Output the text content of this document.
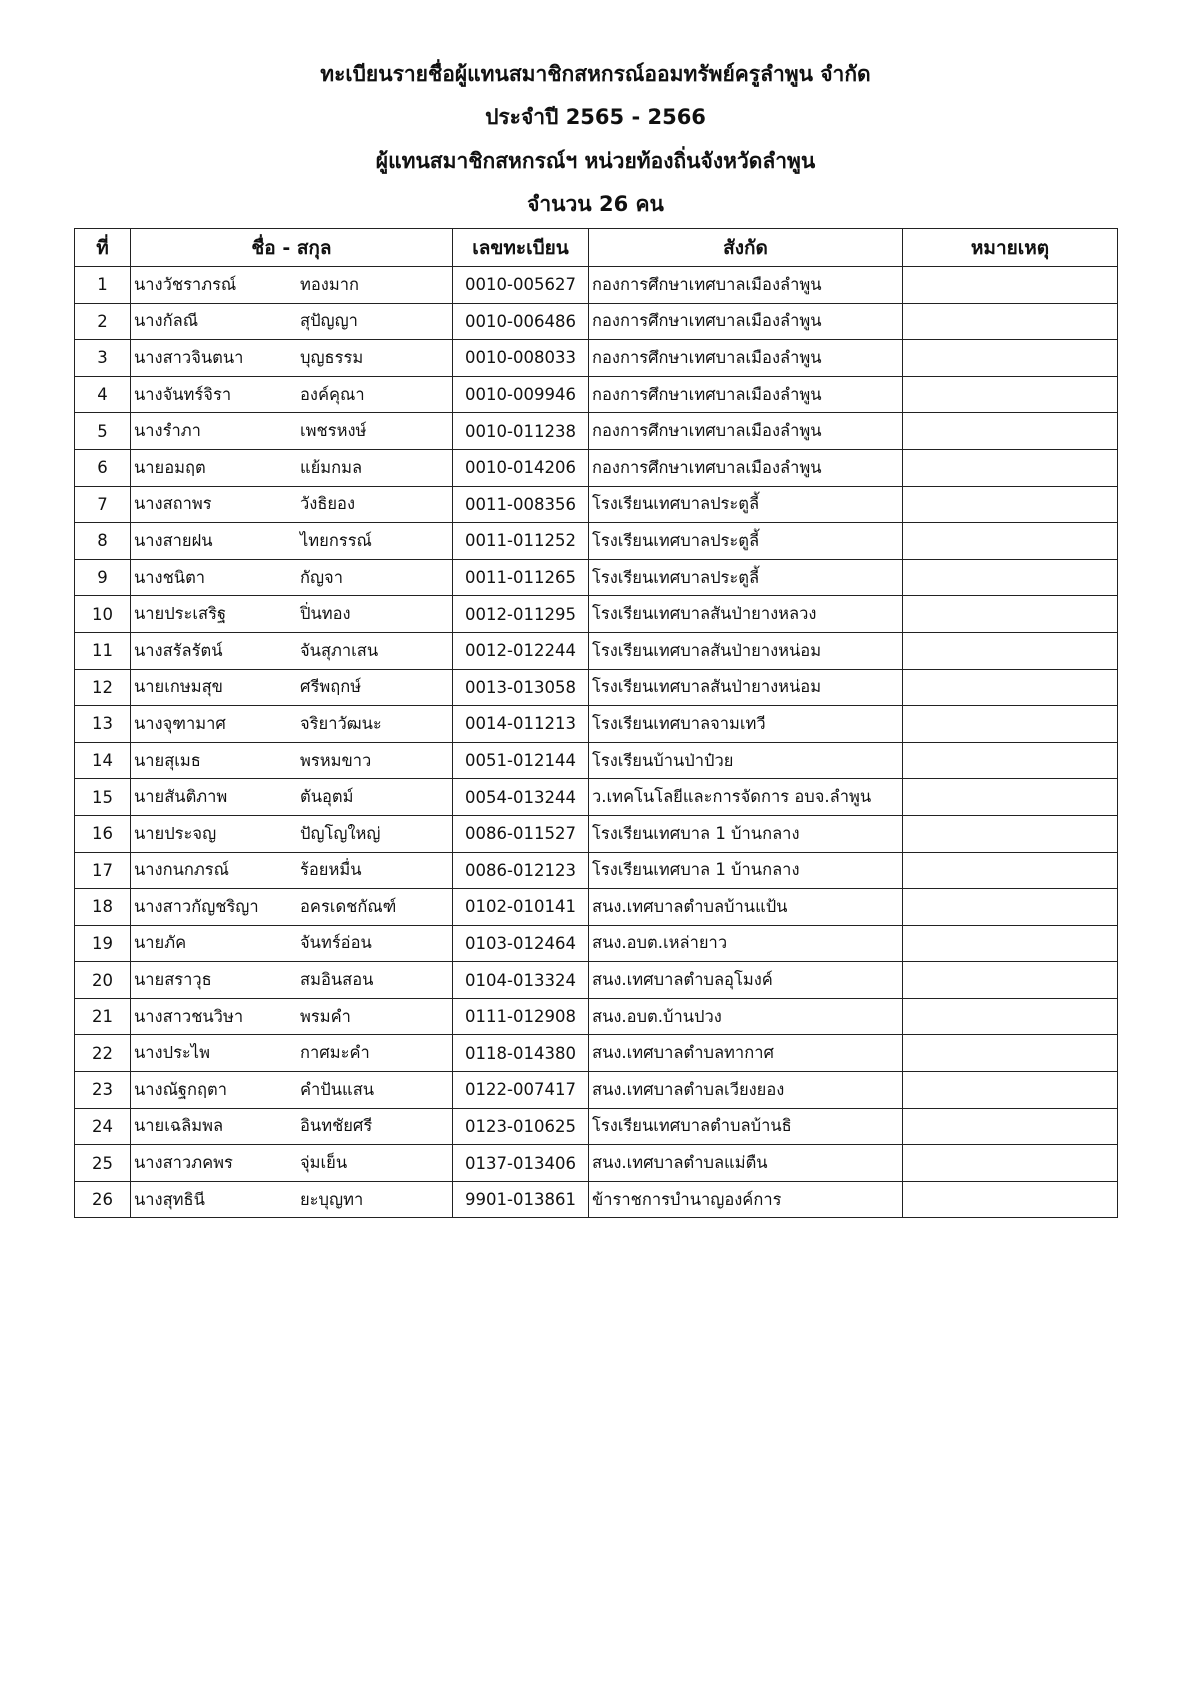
ทะเบียนรายชื่อผู้แทนสมาชิกสหกรณ์ออมทรัพย์ครูลำพูน จำกัด
ประจำปี 2565 - 2566
ผู้แทนสมาชิกสหกรณ์ฯ หน่วยท้องถิ่นจังหวัดลำพูน
จำนวน 26 คน
ที่	ชื่อ - สกุล	เลขทะเบียน	สังกัด	หมายเหตุ
1	นางวัชราภรณ์ ทองมาก	0010-005627	กองการศึกษาเทศบาลเมืองลำพูน	
2	นางกัลณี สุปัญญา	0010-006486	กองการศึกษาเทศบาลเมืองลำพูน	
3	นางสาวจินตนา บุญธรรม	0010-008033	กองการศึกษาเทศบาลเมืองลำพูน	
4	นางจันทร์จิรา องค์คุณา	0010-009946	กองการศึกษาเทศบาลเมืองลำพูน	
5	นางรำภา เพชรหงษ์	0010-011238	กองการศึกษาเทศบาลเมืองลำพูน	
6	นายอมฤต แย้มกมล	0010-014206	กองการศึกษาเทศบาลเมืองลำพูน	
7	นางสถาพร วังธิยอง	0011-008356	โรงเรียนเทศบาลประตูลี้	
8	นางสายฝน ไทยกรรณ์	0011-011252	โรงเรียนเทศบาลประตูลี้	
9	นางชนิตา กัญจา	0011-011265	โรงเรียนเทศบาลประตูลี้	
10	นายประเสริฐ ปิ่นทอง	0012-011295	โรงเรียนเทศบาลสันป่ายางหลวง	
11	นางสรัลรัตน์ จันสุภาเสน	0012-012244	โรงเรียนเทศบาลสันป่ายางหน่อม	
12	นายเกษมสุข ศรีพฤกษ์	0013-013058	โรงเรียนเทศบาลสันป่ายางหน่อม	
13	นางจุฑามาศ จริยาวัฒนะ	0014-011213	โรงเรียนเทศบาลจามเทวี	
14	นายสุเมธ พรหมขาว	0051-012144	โรงเรียนบ้านป่าป๋วย	
15	นายสันติภาพ ตันอุตม์	0054-013244	ว.เทคโนโลยีและการจัดการ อบจ.ลำพูน	
16	นายประจญ ปัญโญใหญ่	0086-011527	โรงเรียนเทศบาล 1 บ้านกลาง	
17	นางกนกภรณ์ ร้อยหมื่น	0086-012123	โรงเรียนเทศบาล 1 บ้านกลาง	
18	นางสาวกัญชริญา อครเดชกัณฑ์	0102-010141	สนง.เทศบาลตำบลบ้านแป้น	
19	นายภัค จันทร์อ่อน	0103-012464	สนง.อบต.เหล่ายาว	
20	นายสราวุธ สมอินสอน	0104-013324	สนง.เทศบาลตำบลอุโมงค์	
21	นางสาวชนวิษา พรมคำ	0111-012908	สนง.อบต.บ้านปวง	
22	นางประไพ กาศมะคำ	0118-014380	สนง.เทศบาลตำบลทากาศ	
23	นางณัฐกฤตา คำปันแสน	0122-007417	สนง.เทศบาลตำบลเวียงยอง	
24	นายเฉลิมพล อินทชัยศรี	0123-010625	โรงเรียนเทศบาลตำบลบ้านธิ	
25	นางสาวภคพร จุ่มเย็น	0137-013406	สนง.เทศบาลตำบลแม่ตืน	
26	นางสุทธินี ยะบุญทา	9901-013861	ข้าราชการบำนาญองค์การ	
